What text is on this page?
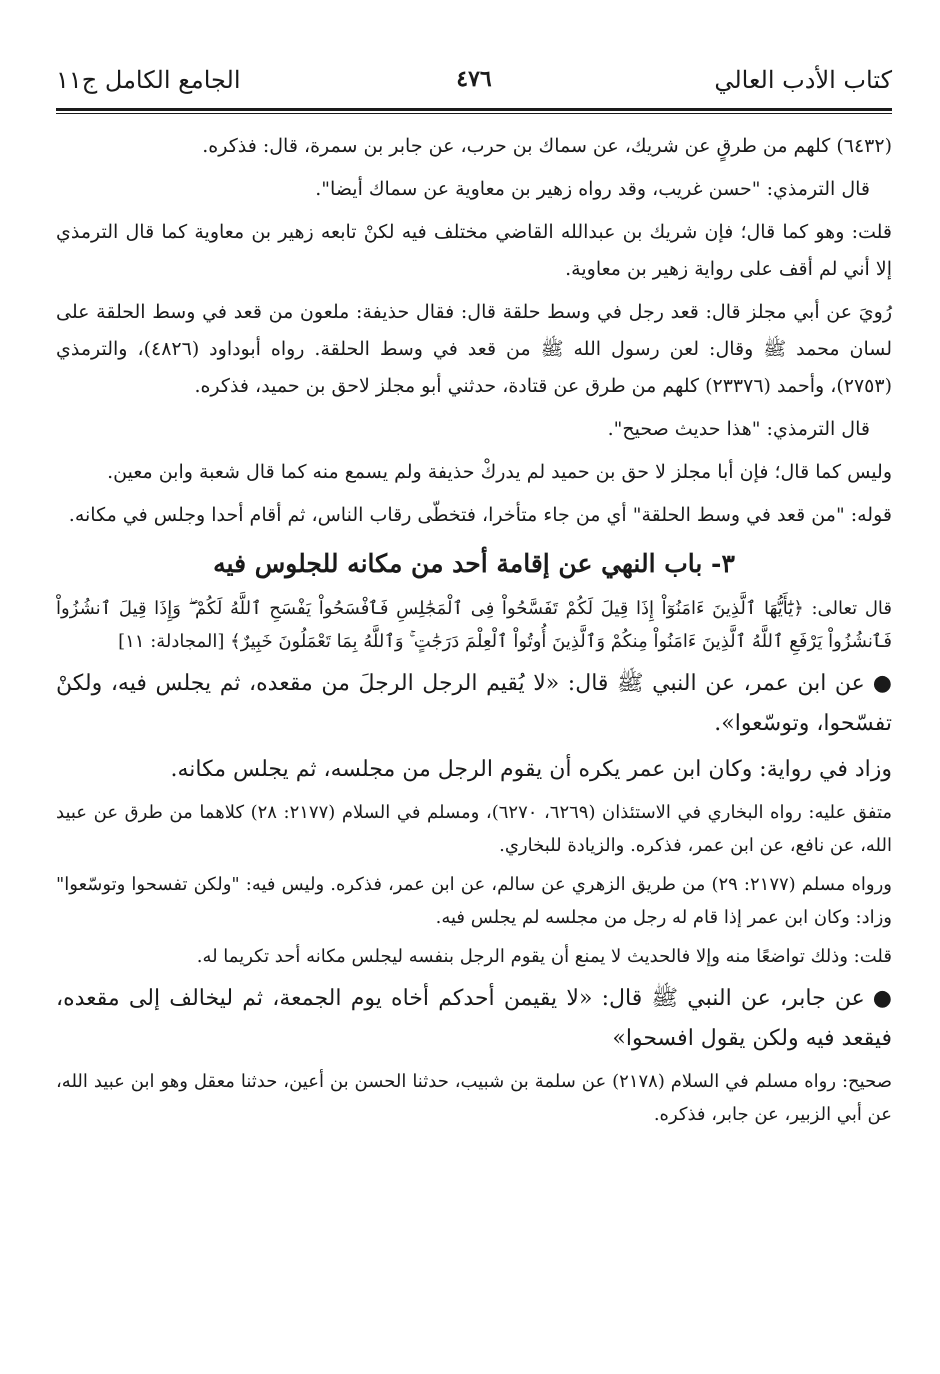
كتاب الأدب العالي
٤٧٦
الجامع الكامل ج١١

(٦٤٣٢) كلهم من طرقٍ عن شريك، عن سماك بن حرب، عن جابر بن سمرة، قال: فذكره.

قال الترمذي: "حسن غريب، وقد رواه زهير بن معاوية عن سماك أيضا".

قلت: وهو كما قال؛ فإن شريك بن عبدالله القاضي مختلف فيه لكنْ تابعه زهير بن معاوية كما قال الترمذي إلا أني لم أقف على رواية زهير بن معاوية.

رُويَ عن أبي مجلز قال: قعد رجل في وسط حلقة قال: فقال حذيفة: ملعون من قعد في وسط الحلقة على لسان محمد ﷺ وقال: لعن رسول الله ﷺ من قعد في وسط الحلقة. رواه أبوداود (٤٨٢٦)، والترمذي (٢٧٥٣)، وأحمد (٢٣٣٧٦) كلهم من طرق عن قتادة، حدثني أبو مجلز لاحق بن حميد، فذكره.

قال الترمذي: "هذا حديث صحيح".

وليس كما قال؛ فإن أبا مجلز لا حق بن حميد لم يدركْ حذيفة ولم يسمع منه كما قال شعبة وابن معين.

قوله: "من قعد في وسط الحلقة" أي من جاء متأخرا، فتخطّى رقاب الناس، ثم أقام أحدا وجلس في مكانه.

٣- باب النهي عن إقامة أحد من مكانه للجلوس فيه

قال تعالى: ﴿يَٰٓأَيُّهَا ٱلَّذِينَ ءَامَنُوٓاْ إِذَا قِيلَ لَكُمْ تَفَسَّحُواْ فِى ٱلْمَجَٰلِسِ فَٱفْسَحُواْ يَفْسَحِ ٱللَّهُ لَكُمْ ۖ وَإِذَا قِيلَ ٱنشُزُواْ فَٱنشُزُواْ يَرْفَعِ ٱللَّهُ ٱلَّذِينَ ءَامَنُواْ مِنكُمْ وَٱلَّذِينَ أُوتُواْ ٱلْعِلْمَ دَرَجَٰتٍ ۚ وَٱللَّهُ بِمَا تَعْمَلُونَ خَبِيرٌ﴾ [المجادلة: ١١]

●عن ابن عمر، عن النبي ﷺ قال: «لا يُقيم الرجل الرجلَ من مقعده، ثم يجلس فيه، ولكنْ تفسّحوا، وتوسّعوا».

وزاد في رواية: وكان ابن عمر يكره أن يقوم الرجل من مجلسه، ثم يجلس مكانه.

متفق عليه: رواه البخاري في الاستئذان (٦٢٦٩، ٦٢٧٠)، ومسلم في السلام (٢١٧٧: ٢٨) كلاهما من طرق عن عبيد الله، عن نافع، عن ابن عمر، فذكره. والزيادة للبخاري.

ورواه مسلم (٢١٧٧: ٢٩) من طريق الزهري عن سالم، عن ابن عمر، فذكره. وليس فيه: "ولكن تفسحوا وتوسّعوا" وزاد: وكان ابن عمر إذا قام له رجل من مجلسه لم يجلس فيه.

قلت: وذلك تواضعًا منه وإلا فالحديث لا يمنع أن يقوم الرجل بنفسه ليجلس مكانه أحد تكريما له.

●عن جابر، عن النبي ﷺ قال: «لا يقيمن أحدكم أخاه يوم الجمعة، ثم ليخالف إلى مقعده، فيقعد فيه ولكن يقول افسحوا»

صحيح: رواه مسلم في السلام (٢١٧٨) عن سلمة بن شبيب، حدثنا الحسن بن أعين، حدثنا معقل وهو ابن عبيد الله، عن أبي الزبير، عن جابر، فذكره.
